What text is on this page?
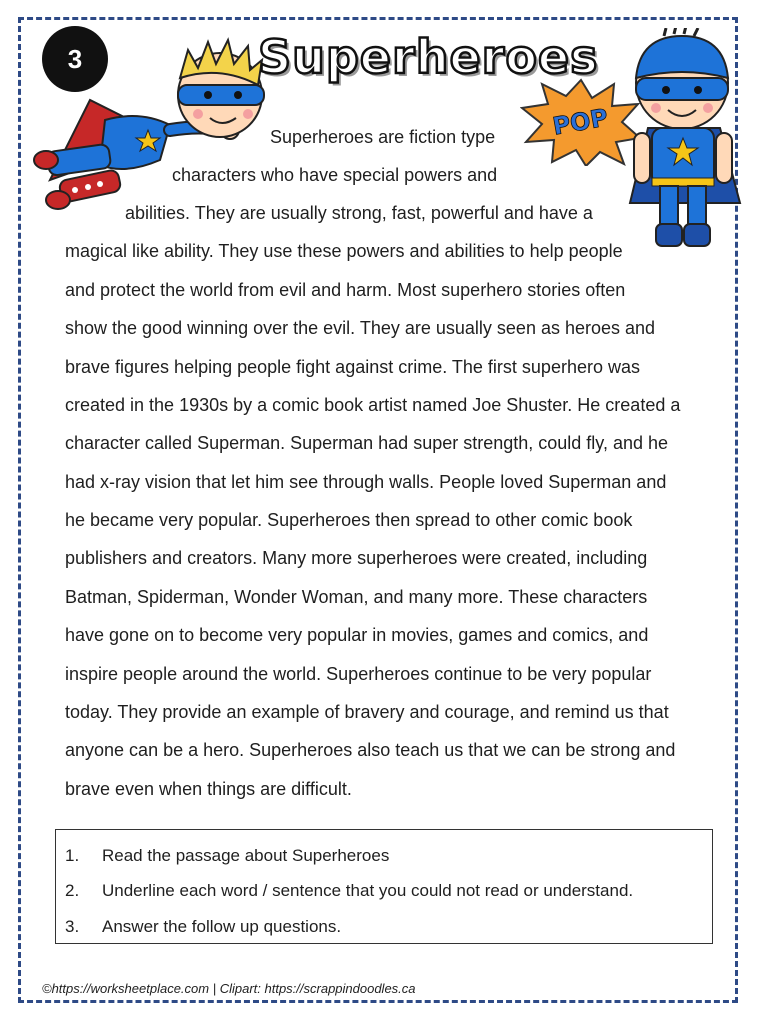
3	Superheroes
POP
Superheroes are fiction type
characters who have special powers and
abilities. They are usually strong, fast, powerful and have a
magical like ability. They use these powers and abilities to help people
and protect the world from evil and harm. Most superhero stories often
show the good winning over the evil. They are usually seen as heroes and
brave figures helping people fight against crime. The first superhero was
created in the 1930s by a comic book artist named Joe Shuster. He created a
character called Superman. Superman had super strength, could fly, and he
had x-ray vision that let him see through walls. People loved Superman and
he became very popular. Superheroes then spread to other comic book
publishers and creators. Many more superheroes were created, including
Batman, Spiderman, Wonder Woman, and many more. These characters
have gone on to become very popular in movies, games and comics, and
inspire people around the world. Superheroes continue to be very popular
today. They provide an example of bravery and courage, and remind us that
anyone can be a hero. Superheroes also teach us that we can be strong and
brave even when things are difficult.
1. Read the passage about Superheroes
2. Underline each word / sentence that you could not read or understand.
3. Answer the follow up questions.
©https://worksheetplace.com | Clipart: https://scrappindoodles.ca
